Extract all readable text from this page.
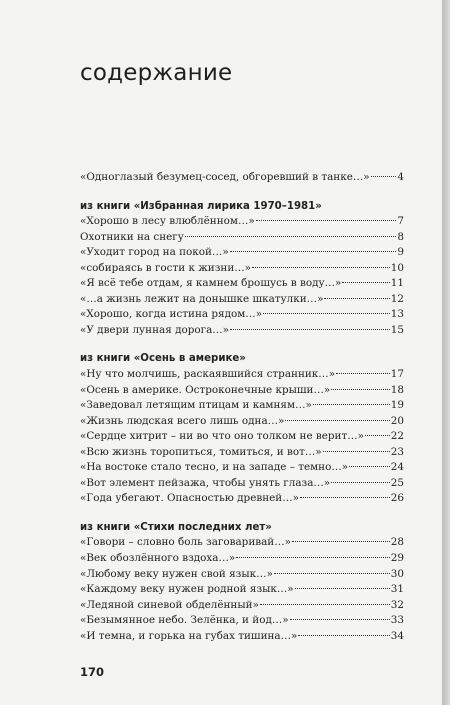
содержание
«Одноглазый безумец-сосед, обгоревший в танке…»	4
из книги «Избранная лирика 1970–1981»
«Хорошо в лесу влюблённом…»	7
Охотники на снегу	8
«Уходит город на покой…»	9
«собираясь в гости к жизни…»	10
«Я всё тебе отдам, я камнем брошусь в воду…»	11
«…а жизнь лежит на донышке шкатулки…»	12
«Хорошо, когда истина рядом…»	13
«У двери лунная дорога…»	15
из книги «Осень в америке»
«Ну что молчишь, раскаявшийся странник…»	17
«Осень в америке. Остроконечные крыши…»	18
«Заведовал летящим птицам и камням…»	19
«Жизнь людская всего лишь одна…»	20
«Сердце хитрит – ни во что оно толком не верит…»	22
«Всю жизнь торопиться, томиться, и вот…»	23
«На востоке стало тесно, и на западе – темно…»	24
«Вот элемент пейзажа, чтобы унять глаза…»	25
«Года убегают. Опасностью древней…»	26
из книги «Стихи последних лет»
«Говори – словно боль заговаривай…»	28
«Век обозлённого вздоха…»	29
«Любому веку нужен свой язык…»	30
«Каждому веку нужен родной язык…»	31
«Ледяной синевой обделённый»	32
«Безымянное небо. Зелёнка, и йод…»	33
«И темна, и горька на губах тишина…»	34
170
